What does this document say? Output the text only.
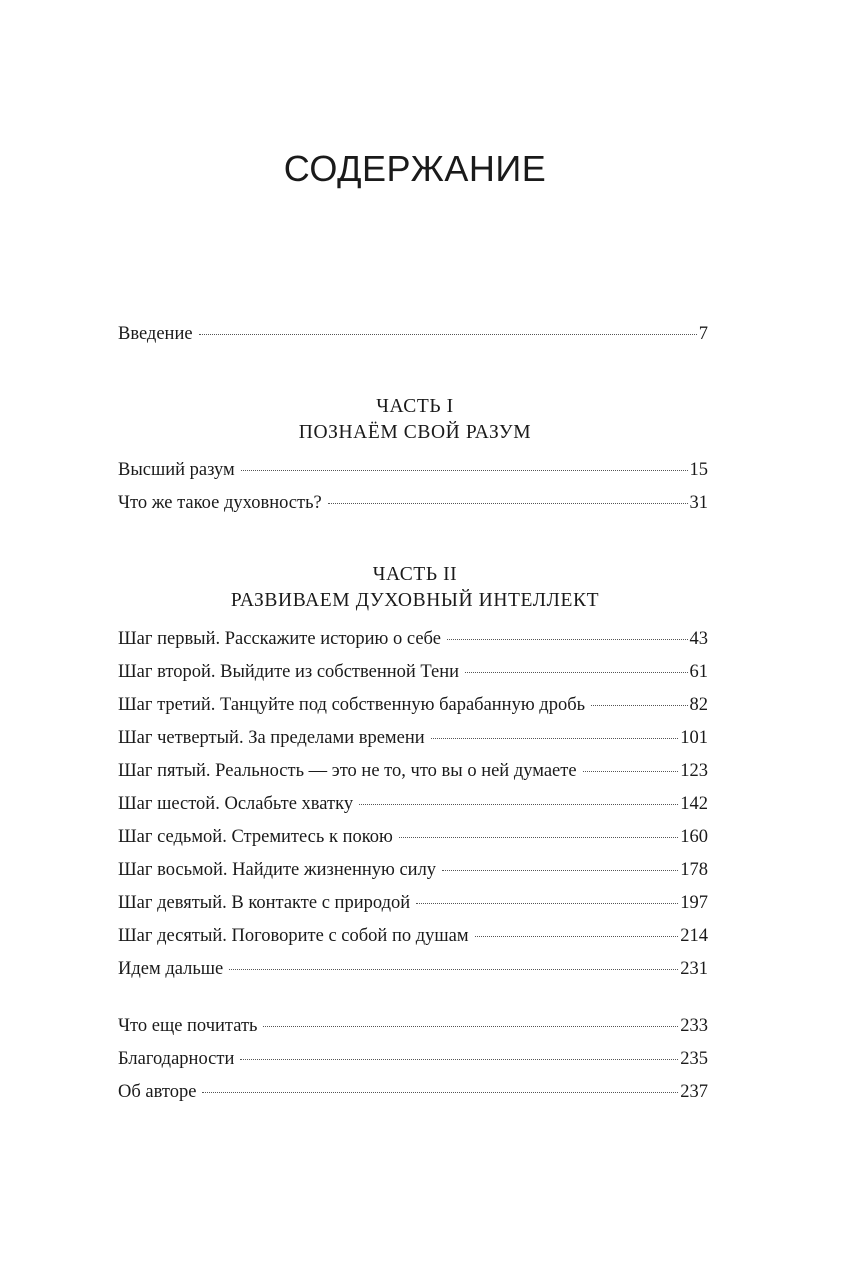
СОДЕРЖАНИЕ
Введение	7
ЧАСТЬ I
ПОЗНАЁМ СВОЙ РАЗУМ
Высший разум	15
Что же такое духовность?	31
ЧАСТЬ II
РАЗВИВАЕМ ДУХОВНЫЙ ИНТЕЛЛЕКТ
Шаг первый. Расскажите историю о себе	43
Шаг второй. Выйдите из собственной Тени	61
Шаг третий. Танцуйте под собственную барабанную дробь	82
Шаг четвертый. За пределами времени	101
Шаг пятый. Реальность — это не то, что вы о ней думаете	123
Шаг шестой. Ослабьте хватку	142
Шаг седьмой. Стремитесь к покою	160
Шаг восьмой. Найдите жизненную силу	178
Шаг девятый. В контакте с природой	197
Шаг десятый. Поговорите с собой по душам	214
Идем дальше	231
Что еще почитать	233
Благодарности	235
Об авторе	237
